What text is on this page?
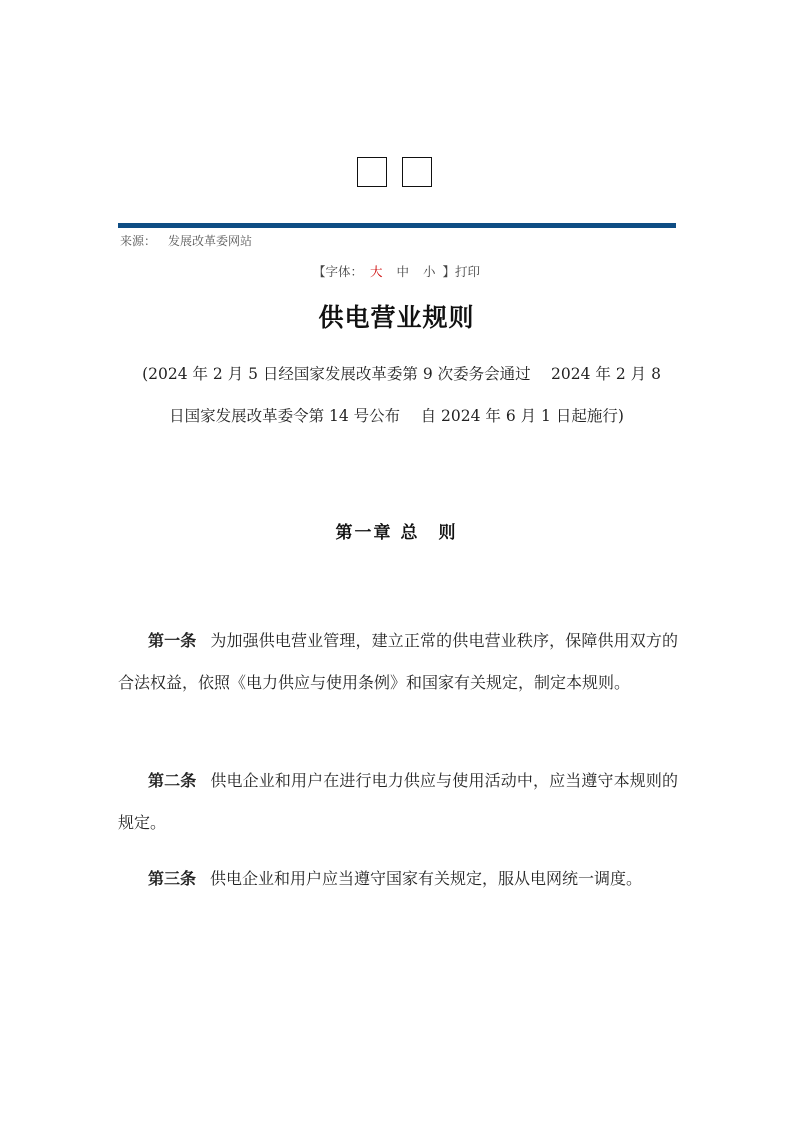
来源： 发展改革委网站
【字体： 大 中 小 】打印
供电营业规则
(2024 年 2 月 5 日经国家发展改革委第 9 次委务会通过　 2024 年 2 月 8
日国家发展改革委令第 14 号公布　 自 2024 年 6 月 1 日起施行)
第一章 总　则
第一条 为加强供电营业管理，建立正常的供电营业秩序，保障供用双方的合法权益，依照《电力供应与使用条例》和国家有关规定，制定本规则。
第二条 供电企业和用户在进行电力供应与使用活动中，应当遵守本规则的规定。
第三条 供电企业和用户应当遵守国家有关规定，服从电网统一调度。
